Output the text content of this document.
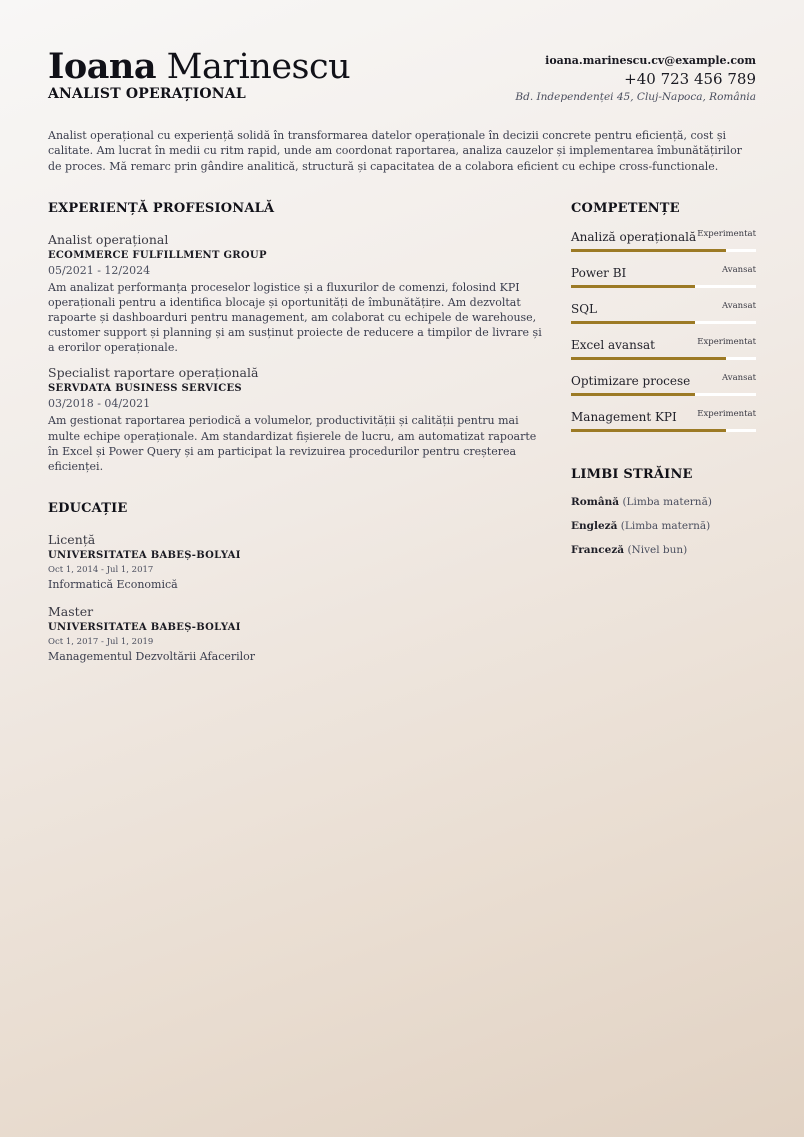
Ioana Marinescu
ANALIST OPERAȚIONAL
ioana.marinescu.cv@example.com
+40 723 456 789
Bd. Independenței 45, Cluj-Napoca, România
Analist operațional cu experiență solidă în transformarea datelor operaționale în decizii concrete pentru eficiență, cost și calitate. Am lucrat în medii cu ritm rapid, unde am coordonat raportarea, analiza cauzelor și implementarea îmbunătățirilor de proces. Mă remarc prin gândire analitică, structură și capacitatea de a colabora eficient cu echipe cross-functionale.
EXPERIENȚĂ PROFESIONALĂ
Analist operațional
ECOMMERCE FULFILLMENT GROUP
05/2021 - 12/2024
Am analizat performanța proceselor logistice și a fluxurilor de comenzi, folosind KPI operaționali pentru a identifica blocaje și oportunități de îmbunătățire. Am dezvoltat rapoarte și dashboarduri pentru management, am colaborat cu echipele de warehouse, customer support și planning și am susținut proiecte de reducere a timpilor de livrare și a erorilor operaționale.
Specialist raportare operațională
SERVDATA BUSINESS SERVICES
03/2018 - 04/2021
Am gestionat raportarea periodică a volumelor, productivității și calității pentru mai multe echipe operaționale. Am standardizat fișierele de lucru, am automatizat rapoarte în Excel și Power Query și am participat la revizuirea procedurilor pentru creșterea eficienței.
EDUCAȚIE
Licență
UNIVERSITATEA BABEȘ-BOLYAI
Oct 1, 2014 - Jul 1, 2017
Informatică Economică
Master
UNIVERSITATEA BABEȘ-BOLYAI
Oct 1, 2017 - Jul 1, 2019
Managementul Dezvoltării Afacerilor
COMPETENȚE
Analiză operațională Experimentat
Power BI	Avansat
SQL	Avansat
Excel avansat	Experimentat
Optimizare procese	Avansat
Management KPI Experimentat
LIMBI STRĂINE
Română (Limba maternă)
Engleză (Limba maternă)
Franceză (Nivel bun)
